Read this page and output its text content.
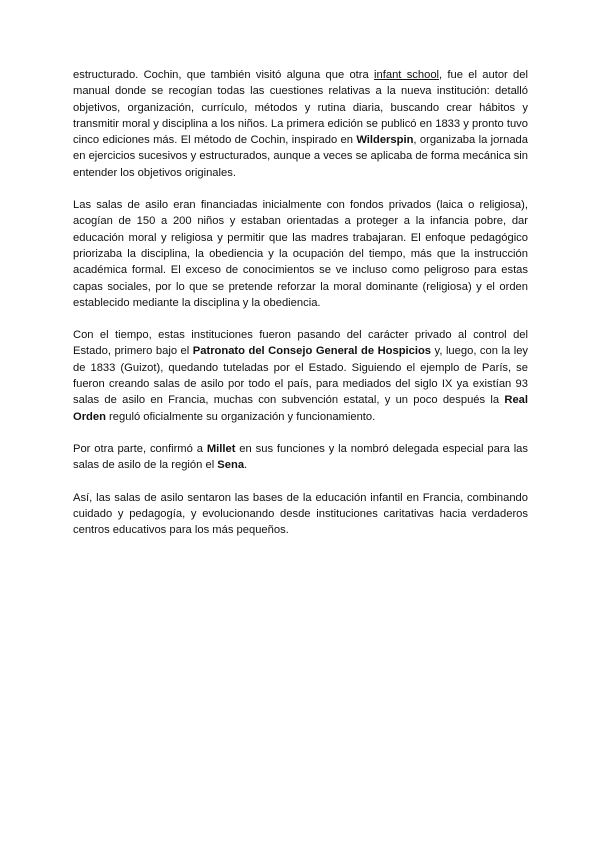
estructurado. Cochin, que también visitó alguna que otra infant school, fue el autor del manual donde se recogían todas las cuestiones relativas a la nueva institución: detalló objetivos, organización, currículo, métodos y rutina diaria, buscando crear hábitos y transmitir moral y disciplina a los niños. La primera edición se publicó en 1833 y pronto tuvo cinco ediciones más. El método de Cochin, inspirado en Wilderspin, organizaba la jornada en ejercicios sucesivos y estructurados, aunque a veces se aplicaba de forma mecánica sin entender los objetivos originales.

Las salas de asilo eran financiadas inicialmente con fondos privados (laica o religiosa), acogían de 150 a 200 niños y estaban orientadas a proteger a la infancia pobre, dar educación moral y religiosa y permitir que las madres trabajaran. El enfoque pedagógico priorizaba la disciplina, la obediencia y la ocupación del tiempo, más que la instrucción académica formal. El exceso de conocimientos se ve incluso como peligroso para estas capas sociales, por lo que se pretende reforzar la moral dominante (religiosa) y el orden establecido mediante la disciplina y la obediencia.

Con el tiempo, estas instituciones fueron pasando del carácter privado al control del Estado, primero bajo el Patronato del Consejo General de Hospicios y, luego, con la ley de 1833 (Guizot), quedando tuteladas por el Estado. Siguiendo el ejemplo de París, se fueron creando salas de asilo por todo el país, para mediados del siglo IX ya existían 93 salas de asilo en Francia, muchas con subvención estatal, y un poco después la Real Orden reguló oficialmente su organización y funcionamiento.

Por otra parte, confirmó a Millet en sus funciones y la nombró delegada especial para las salas de asilo de la región el Sena.

Así, las salas de asilo sentaron las bases de la educación infantil en Francia, combinando cuidado y pedagogía, y evolucionando desde instituciones caritativas hacia verdaderos centros educativos para los más pequeños.
